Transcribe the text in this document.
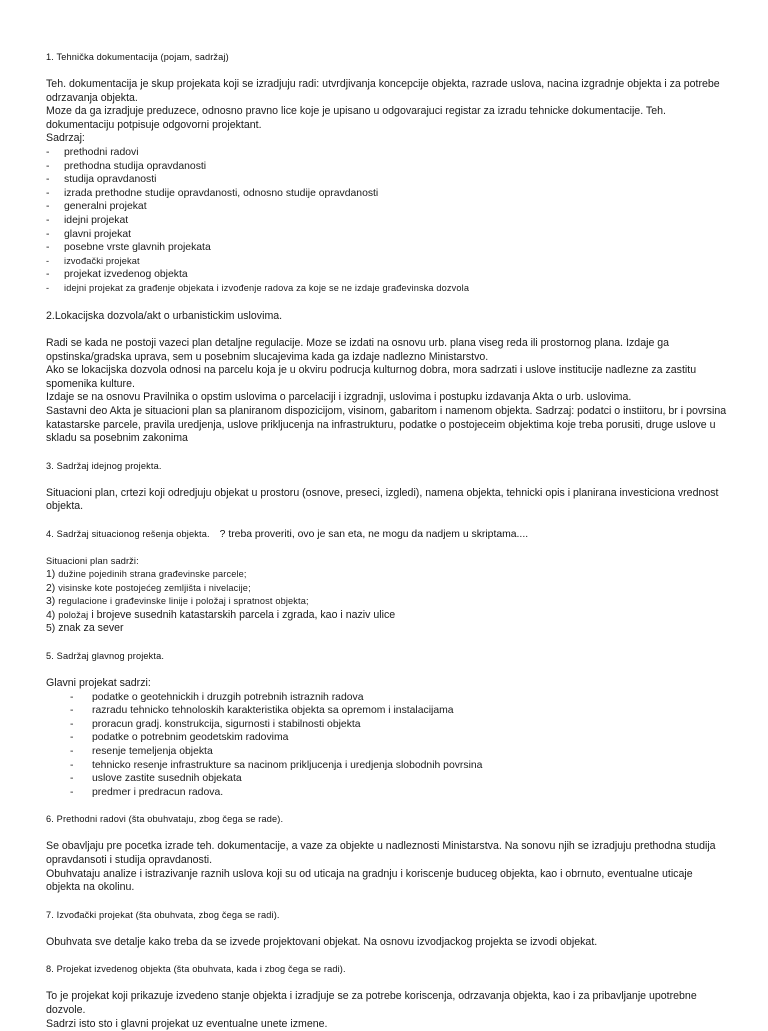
1. Tehnička dokumentacija (pojam, sadržaj)

Teh. dokumentacija je skup projekata koji se izradjuju radi: utvrdjivanja koncepcije objekta, razrade uslova, nacina izgradnje objekta i za potrebe odrzavanja objekta.

Moze da ga izradjuje preduzece, odnosno pravno lice koje je upisano u odgovarajuci registar za izradu tehnicke dokumentacije. Teh. dokumentaciju potpisuje odgovorni projektant.

Sadrzaj:

- prethodni radovi
- prethodna studija opravdanosti
- studija opravdanosti
- izrada prethodne studije opravdanosti, odnosno studije opravdanosti
- generalni projekat
- idejni projekat
- glavni projekat
- posebne vrste glavnih projekata
- izvođački projekat
- projekat izvedenog objekta
- idejni projekat za građenje objekata i izvođenje radova za koje se ne izdaje građevinska dozvola

2.Lokacijska dozvola/akt o urbanistickim uslovima.

Radi se kada ne postoji vazeci plan detaljne regulacije. Moze se izdati na osnovu urb. plana viseg reda ili prostornog plana. Izdaje ga opstinska/gradska uprava, sem u posebnim slucajevima kada ga izdaje nadlezno Ministarstvo.

Ako se lokacijska dozvola odnosi na parcelu koja je u okviru podrucja kulturnog dobra, mora sadrzati i uslove institucije nadlezne za zastitu spomenika kulture.

Izdaje se na osnovu Pravilnika o opstim uslovima o parcelaciji i izgradnji, uslovima i postupku izdavanja Akta o urb. uslovima.

Sastavni deo Akta je situacioni plan sa planiranom dispozicijom, visinom, gabaritom i namenom objekta. Sadrzaj: podatci o instiitoru, br i povrsina katastarske parcele, pravila uredjenja, uslove prikljucenja na infrastrukturu, podatke o postojeceim objektima koje treba porusiti, druge uslove u skladu sa posebnim zakonima

3. Sadržaj idejnog projekta.

Situacioni plan, crtezi koji odredjuju objekat u prostoru (osnove, preseci, izgledi), namena objekta, tehnicki opis i planirana investiciona vrednost objekta.

4. Sadržaj situacionog rešenja objekta. ? treba proveriti, ovo je san eta, ne mogu da nadjem u skriptama....

Situacioni plan sadrži:

1) dužine pojedinih strana građevinske parcele;

2) visinske kote postojećeg zemljišta i nivelacije;

3) regulacione i građevinske linije i položaj i spratnost objekta;

4) položaj i brojeve susednih katastarskih parcela i zgrada, kao i naziv ulice

5) znak za sever

5. Sadržaj glavnog projekta.

Glavni projekat sadrzi:

- podatke o geotehnickih i druzgih potrebnih istraznih radova
- razradu tehnicko tehnoloskih karakteristika objekta sa opremom i instalacijama
- proracun gradj. konstrukcija, sigurnosti i stabilnosti objekta
- podatke o potrebnim geodetskim radovima
- resenje temeljenja objekta
- tehnicko resenje infrastrukture sa nacinom prikljucenja i uredjenja slobodnih povrsina
- uslove zastite susednih objekata
- predmer i predracun radova.

6. Prethodni radovi (šta obuhvataju, zbog čega se rade).

Se obavljaju pre pocetka izrade teh. dokumentacije, a vaze za objekte u nadleznosti Ministarstva. Na sonovu njih se izradjuju prethodna studija opravdansoti i studija opravdanosti.

Obuhvataju analize i istrazivanje raznih uslova koji su od uticaja na gradnju i koriscenje buduceg objekta, kao i obrnuto, eventualne uticaje objekta na okolinu.

7. Izvođački projekat (šta obuhvata, zbog čega se radi).

Obuhvata sve detalje kako treba da se izvede projektovani objekat. Na osnovu izvodjackog projekta se izvodi objekat.

8. Projekat izvedenog objekta (šta obuhvata, kada i zbog čega se radi).

To je projekat koji prikazuje izvedeno stanje objekta i izradjuje se za potrebe koriscenja, odrzavanja objekta, kao i za pribavljanje upotrebne dozvole.

Sadrzi isto sto i glavni projekat uz eventualne unete izmene.
